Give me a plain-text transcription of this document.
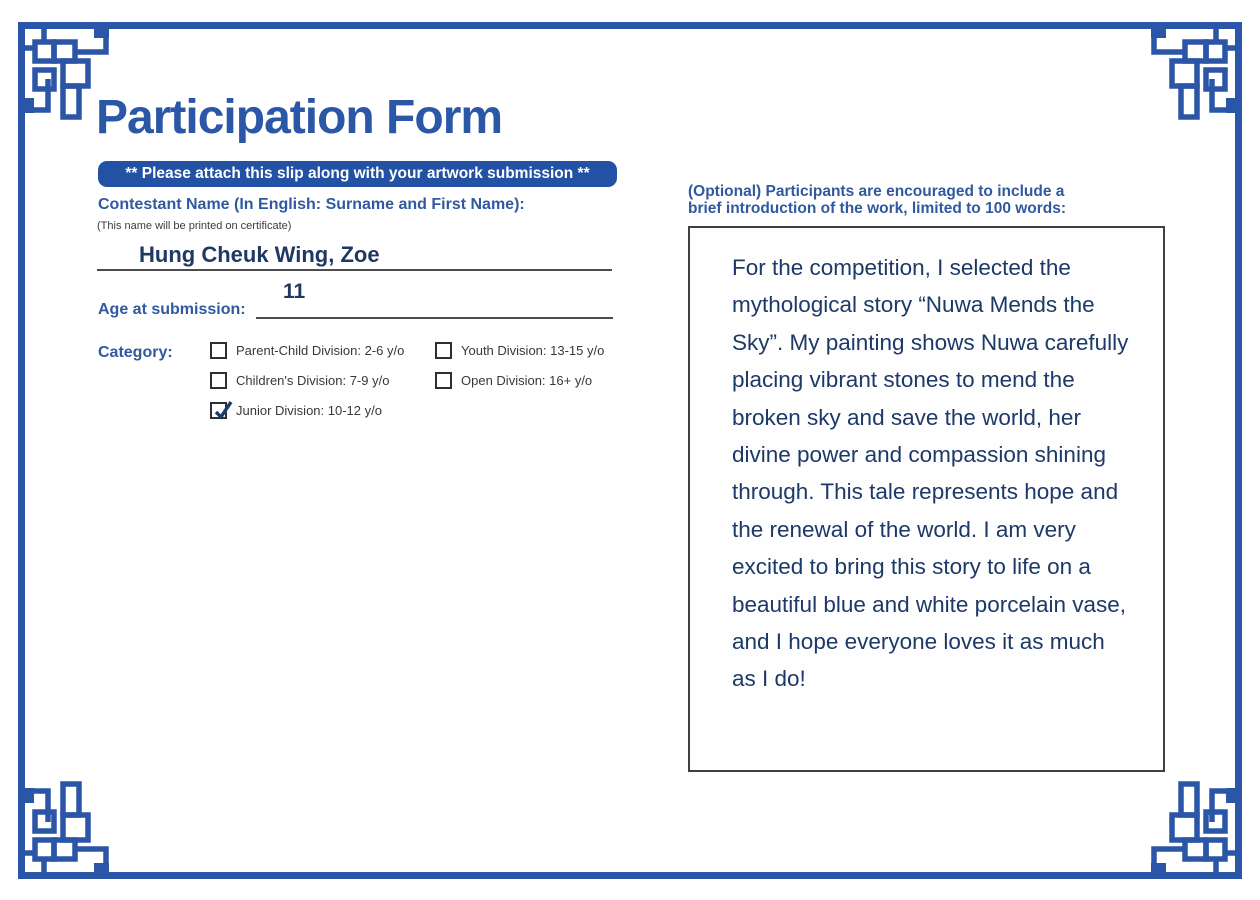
Participation Form
** Please attach this slip along with your artwork submission **
Contestant Name (In English: Surname and First Name):
(This name will be printed on certificate)
Hung Cheuk Wing, Zoe
Age at submission:
11
Category:	Parent-Child Division: 2-6 y/o
Children's Division: 7-9 y/o
Junior Division: 10-12 y/o
Youth Division: 13-15 y/o
Open Division: 16+ y/o
(Optional) Participants are encouraged to include a
brief introduction of the work, limited to 100 words:
For the competition, I selected the mythological story “Nuwa Mends the Sky”. My painting shows Nuwa carefully placing vibrant stones to mend the broken sky and save the world, her divine power and compassion shining through. This tale represents hope and the renewal of the world. I am very excited to bring this story to life on a beautiful blue and white porcelain vase, and I hope everyone loves it as much as I do!
